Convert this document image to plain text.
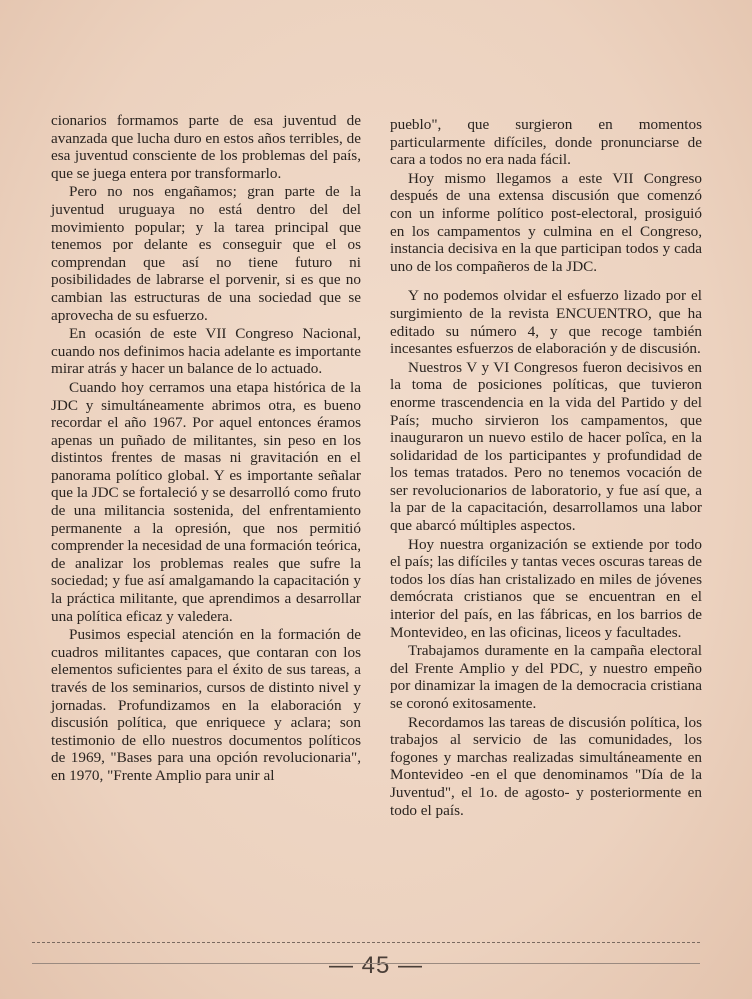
cionarios formamos parte de esa juventud de avanzada que lucha duro en estos años terribles, de esa juventud consciente de los problemas del país, que se juega entera por transformarlo.

Pero no nos engañamos; gran parte de la juventud uruguaya no está dentro del del movimiento popular; y la tarea principal que tenemos por delante es conseguir que el os comprendan que así no tiene futuro ni posibilidades de labrarse el porvenir, si es que no cambian las estructuras de una sociedad que se aprovecha de su esfuerzo.

En ocasión de este VII Congreso Nacional, cuando nos definimos hacia adelante es importante mirar atrás y hacer un balance de lo actuado.

Cuando hoy cerramos una etapa histórica de la JDC y simultáneamente abrimos otra, es bueno recordar el año 1967. Por aquel entonces éramos apenas un puñado de militantes, sin peso en los distintos frentes de masas ni gravitación en el panorama político global. Y es importante señalar que la JDC se fortaleció y se desarrolló como fruto de una militancia sostenida, del enfrentamiento permanente a la opresión, que nos permitió comprender la necesidad de una formación teórica, de analizar los problemas reales que sufre la sociedad; y fue así amalgamando la capacitación y la práctica militante, que aprendimos a desarrollar una política eficaz y valedera.

Pusimos especial atención en la formación de cuadros militantes capaces, que contaran con los elementos suficientes para el éxito de sus tareas, a través de los seminarios, cursos de distinto nivel y jornadas. Profundizamos en la elaboración y discusión política, que enriquece y aclara; son testimonio de ello nuestros documentos políticos de 1969, "Bases para una opción revolucionaria", en 1970, "Frente Amplio para unir al

pueblo", que surgieron en momentos particularmente difíciles, donde pronunciarse de cara a todos no era nada fácil.

Hoy mismo llegamos a este VII Congreso después de una extensa discusión que comenzó con un informe político post-electoral, prosiguió en los campamentos y culmina en el Congreso, instancia decisiva en la que participan todos y cada uno de los compañeros de la JDC.

Y no podemos olvidar el esfuerzo lizado por el surgimiento de la revista ENCUENTRO, que ha editado su número 4, y que recoge también incesantes esfuerzos de elaboración y de discusión.

Nuestros V y VI Congresos fueron decisivos en la toma de posiciones políticas, que tuvieron enorme trascendencia en la vida del Partido y del País; mucho sirvieron los campamentos, que inauguraron un nuevo estilo de hacer polîca, en la solidaridad de los participantes y profundidad de los temas tratados. Pero no tenemos vocación de ser revolucionarios de laboratorio, y fue así que, a la par de la capacitación, desarrollamos una labor que abarcó múltiples aspectos.

Hoy nuestra organización se extiende por todo el país; las difíciles y tantas veces oscuras tareas de todos los días han cristalizado en miles de jóvenes demócrata cristianos que se encuentran en el interior del país, en las fábricas, en los barrios de Montevideo, en las oficinas, liceos y facultades.

Trabajamos duramente en la campaña electoral del Frente Amplio y del PDC, y nuestro empeño por dinamizar la imagen de la democracia cristiana se coronó exitosamente.

Recordamos las tareas de discusión política, los trabajos al servicio de las comunidades, los fogones y marchas realizadas simultáneamente en Montevideo -en el que denominamos "Día de la Juventud", el 1o. de agosto- y posteriormente en todo el país.

— 45 —
